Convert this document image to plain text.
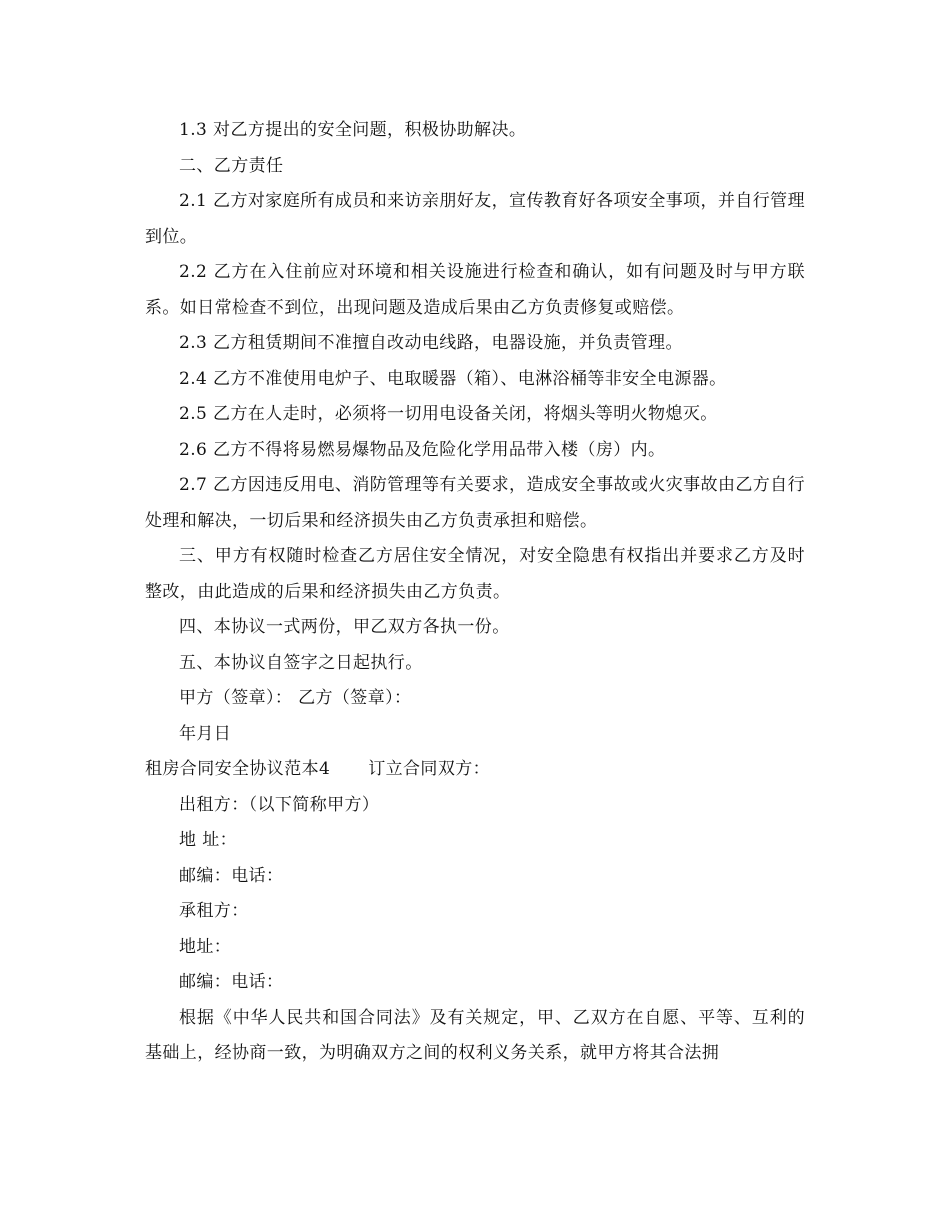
1.3 对乙方提出的安全问题，积极协助解决。

二、乙方责任

2.1 乙方对家庭所有成员和来访亲朋好友，宣传教育好各项安全事项，并自行管理到位。

2.2 乙方在入住前应对环境和相关设施进行检查和确认，如有问题及时与甲方联系。如日常检查不到位，出现问题及造成后果由乙方负责修复或赔偿。

2.3 乙方租赁期间不准擅自改动电线路，电器设施，并负责管理。

2.4 乙方不准使用电炉子、电取暖器（箱）、电淋浴桶等非安全电源器。

2.5 乙方在人走时，必须将一切用电设备关闭，将烟头等明火物熄灭。

2.6 乙方不得将易燃易爆物品及危险化学用品带入楼（房）内。

2.7 乙方因违反用电、消防管理等有关要求，造成安全事故或火灾事故由乙方自行处理和解决，一切后果和经济损失由乙方负责承担和赔偿。

三、甲方有权随时检查乙方居住安全情况，对安全隐患有权指出并要求乙方及时整改，由此造成的后果和经济损失由乙方负责。

四、本协议一式两份，甲乙双方各执一份。

五、本协议自签字之日起执行。

甲方（签章）： 乙方（签章）：

年月日

租房合同安全协议范本4 订立合同双方：

出租方：（以下简称甲方）

地 址：

邮编：电话：

承租方：

地址：

邮编：电话：

根据《中华人民共和国合同法》及有关规定，甲、乙双方在自愿、平等、互利的基础上，经协商一致，为明确双方之间的权利义务关系，就甲方将其合法拥
